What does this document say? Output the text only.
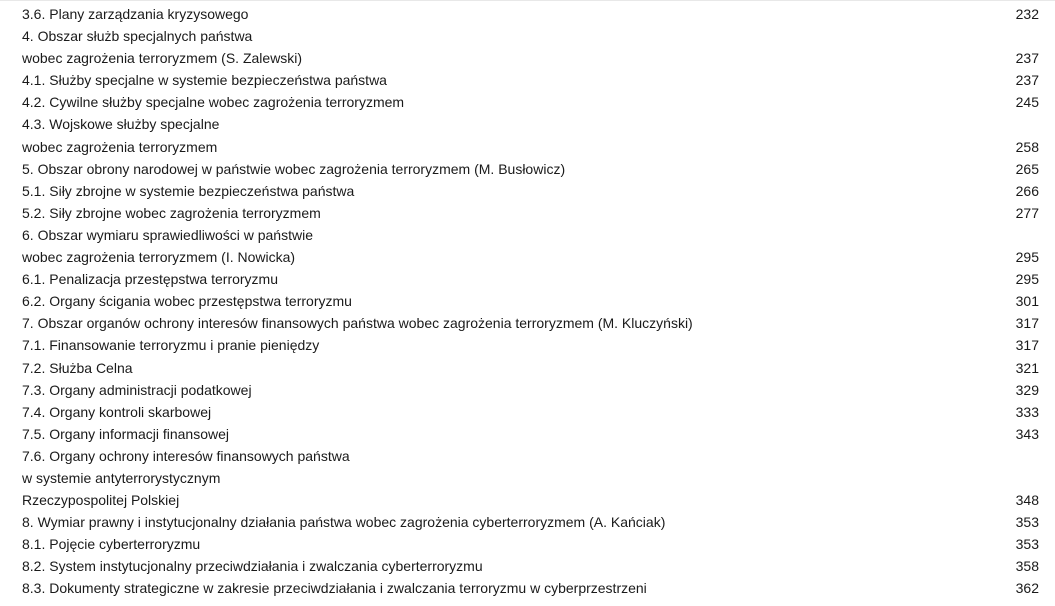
3.6. Plany zarządzania kryzysowego	232
4. Obszar służb specjalnych państwa
wobec zagrożenia terroryzmem (S. Zalewski)	237
4.1. Służby specjalne w systemie bezpieczeństwa państwa	237
4.2. Cywilne służby specjalne wobec zagrożenia terroryzmem	245
4.3. Wojskowe służby specjalne
wobec zagrożenia terroryzmem	258
5. Obszar obrony narodowej w państwie wobec zagrożenia terroryzmem (M. Busłowicz)	265
5.1. Siły zbrojne w systemie bezpieczeństwa państwa	266
5.2. Siły zbrojne wobec zagrożenia terroryzmem	277
6. Obszar wymiaru sprawiedliwości w państwie
wobec zagrożenia terroryzmem (I. Nowicka)	295
6.1. Penalizacja przestępstwa terroryzmu	295
6.2. Organy ścigania wobec przestępstwa terroryzmu	301
7. Obszar organów ochrony interesów finansowych państwa wobec zagrożenia terroryzmem (M. Kluczyński)	317
7.1. Finansowanie terroryzmu i pranie pieniędzy	317
7.2. Służba Celna	321
7.3. Organy administracji podatkowej	329
7.4. Organy kontroli skarbowej	333
7.5. Organy informacji finansowej	343
7.6. Organy ochrony interesów finansowych państwa
w systemie antyterrorystycznym
Rzeczypospolitej Polskiej	348
8. Wymiar prawny i instytucjonalny działania państwa wobec zagrożenia cyberterroryzmem (A. Kańciak)	353
8.1. Pojęcie cyberterroryzmu	353
8.2. System instytucjonalny przeciwdziałania i zwalczania cyberterroryzmu	358
8.3. Dokumenty strategiczne w zakresie przeciwdziałania i zwalczania terroryzmu w cyberprzestrzeni	362
